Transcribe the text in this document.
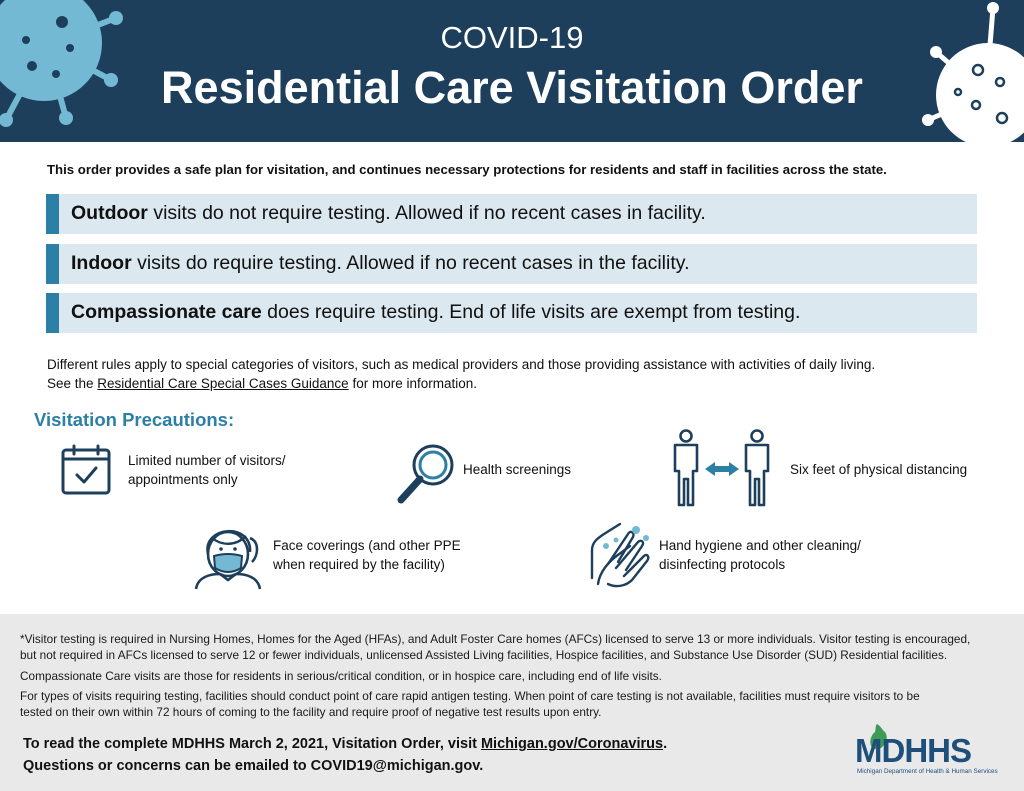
COVID-19
Residential Care Visitation Order
This order provides a safe plan for visitation, and continues necessary protections for residents and staff in facilities across the state.
Outdoor visits do not require testing. Allowed if no recent cases in facility.
Indoor visits do require testing. Allowed if no recent cases in the facility.
Compassionate care does require testing. End of life visits are exempt from testing.
Different rules apply to special categories of visitors, such as medical providers and those providing assistance with activities of daily living.
See the Residential Care Special Cases Guidance for more information.
Visitation Precautions:
Limited number of visitors/
appointments only
Health screenings	Six feet of physical distancing
Face coverings (and other PPE
when required by the facility)
Hand hygiene and other cleaning/
disinfecting protocols
*Visitor testing is required in Nursing Homes, Homes for the Aged (HFAs), and Adult Foster Care homes (AFCs) licensed to serve 13 or more individuals. Visitor testing is encouraged,
but not required in AFCs licensed to serve 12 or fewer individuals, unlicensed Assisted Living facilities, Hospice facilities, and Substance Use Disorder (SUD) Residential facilities.
Compassionate Care visits are those for residents in serious/critical condition, or in hospice care, including end of life visits.
For types of visits requiring testing, facilities should conduct point of care rapid antigen testing. When point of care testing is not available, facilities must require visitors to be
tested on their own within 72 hours of coming to the facility and require proof of negative test results upon entry.
To read the complete MDHHS March 2, 2021, Visitation Order, visit Michigan.gov/Coronavirus.
Questions or concerns can be emailed to COVID19@michigan.gov.	MDHHS
Michigan Department of Health & Human Services
